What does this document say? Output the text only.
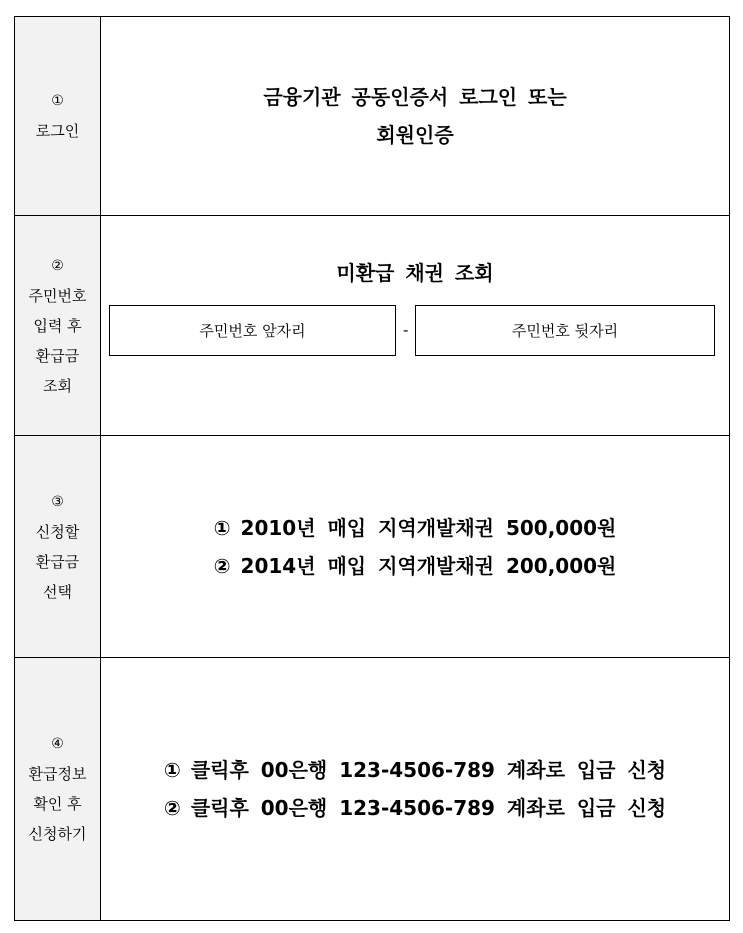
①
로그인
금융기관 공동인증서 로그인 또는
회원인증
②
주민번호
입력 후
환급금
조회
미환급 채권 조회
주민번호 앞자리	-	주민번호 뒷자리
③
신청할
환급금
선택
① 2010년 매입 지역개발채권 500,000원
② 2014년 매입 지역개발채권 200,000원
④
환급정보
확인 후
신청하기
① 클릭후 00은행 123-4506-789 계좌로 입금 신청
② 클릭후 00은행 123-4506-789 계좌로 입금 신청
